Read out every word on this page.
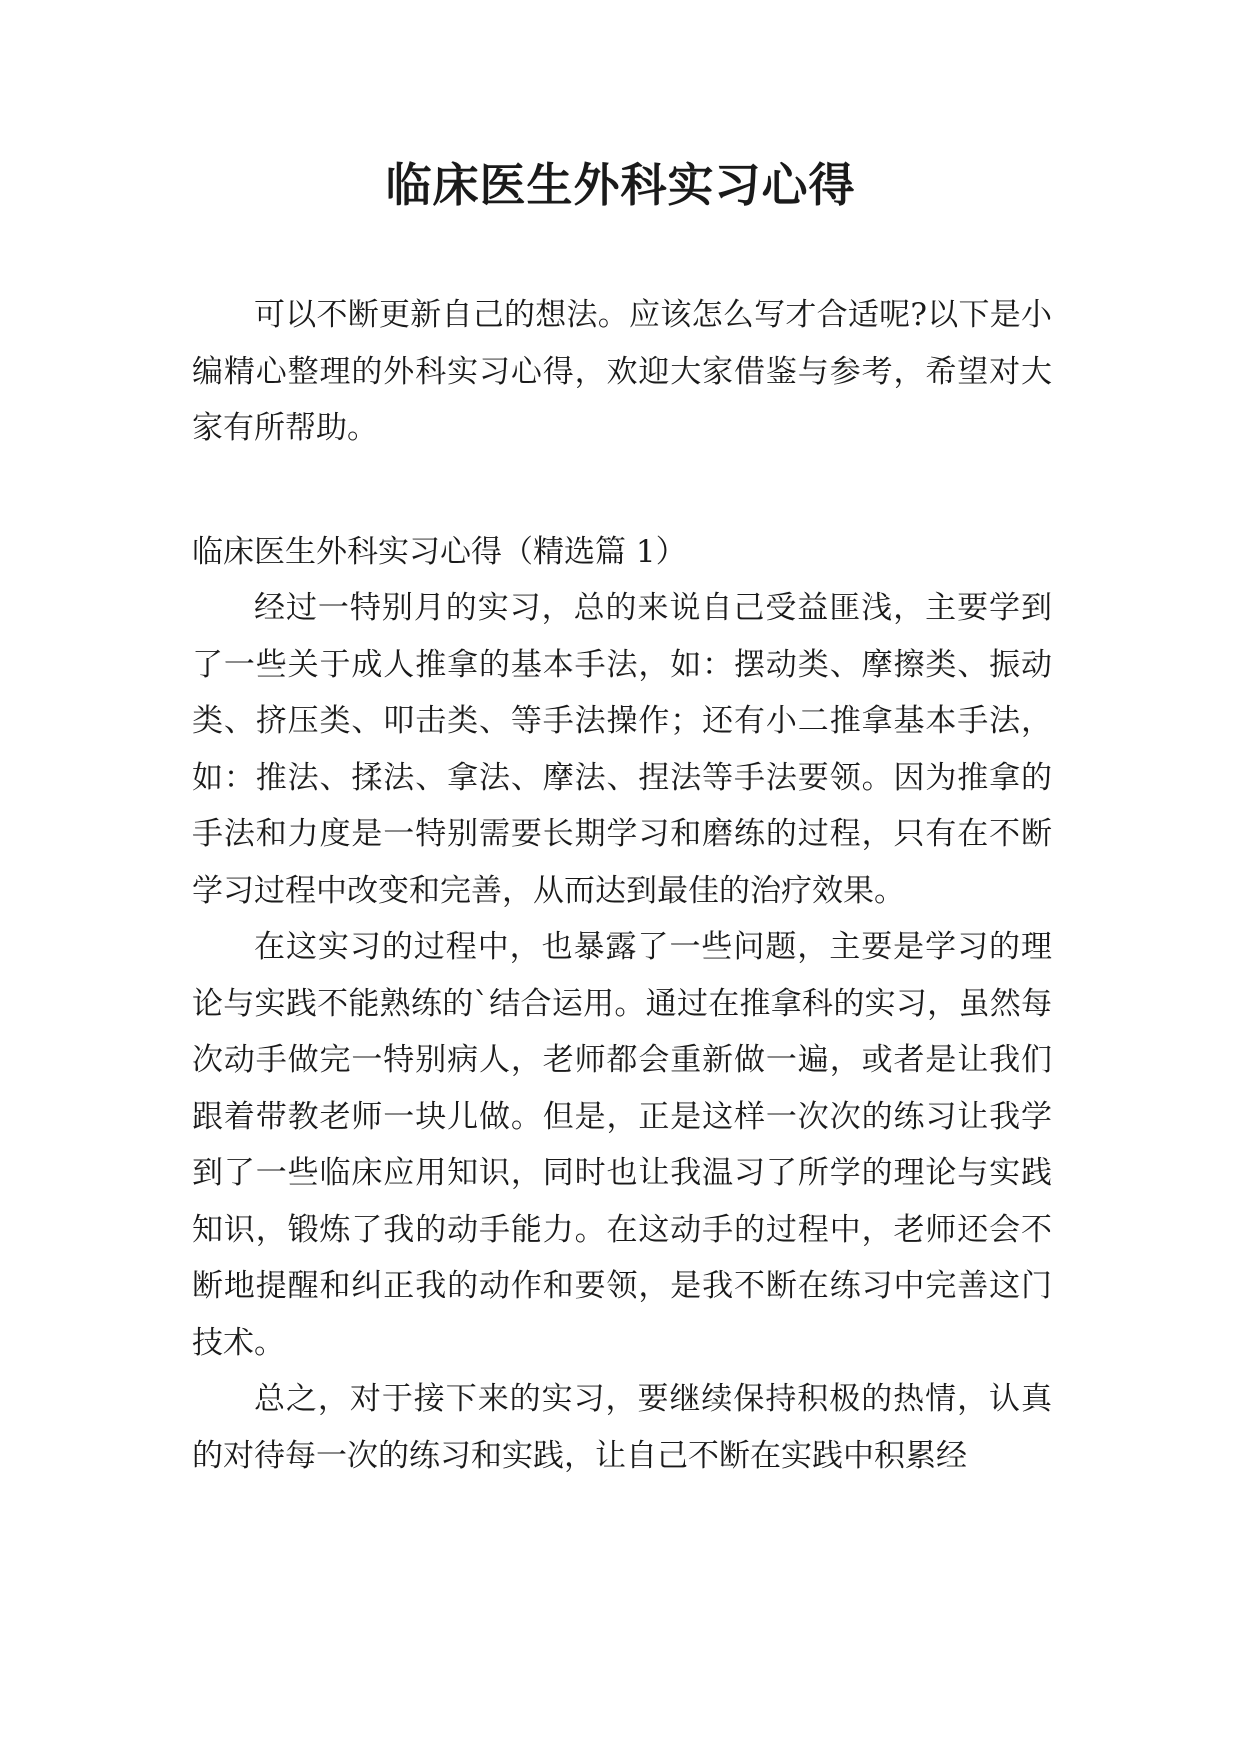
临床医生外科实习心得

可以不断更新自己的想法。应该怎么写才合适呢?以下是小编精心整理的外科实习心得，欢迎大家借鉴与参考，希望对大家有所帮助。

临床医生外科实习心得（精选篇 1）

经过一特别月的实习，总的来说自己受益匪浅，主要学到了一些关于成人推拿的基本手法，如：摆动类、摩擦类、振动类、挤压类、叩击类、等手法操作；还有小二推拿基本手法，如：推法、揉法、拿法、摩法、捏法等手法要领。因为推拿的手法和力度是一特别需要长期学习和磨练的过程，只有在不断学习过程中改变和完善，从而达到最佳的治疗效果。

在这实习的过程中，也暴露了一些问题，主要是学习的理论与实践不能熟练的`结合运用。通过在推拿科的实习，虽然每次动手做完一特别病人，老师都会重新做一遍，或者是让我们跟着带教老师一块儿做。但是，正是这样一次次的练习让我学到了一些临床应用知识，同时也让我温习了所学的理论与实践知识，锻炼了我的动手能力。在这动手的过程中，老师还会不断地提醒和纠正我的动作和要领，是我不断在练习中完善这门技术。

总之，对于接下来的实习，要继续保持积极的热情，认真的对待每一次的练习和实践，让自己不断在实践中积累经
